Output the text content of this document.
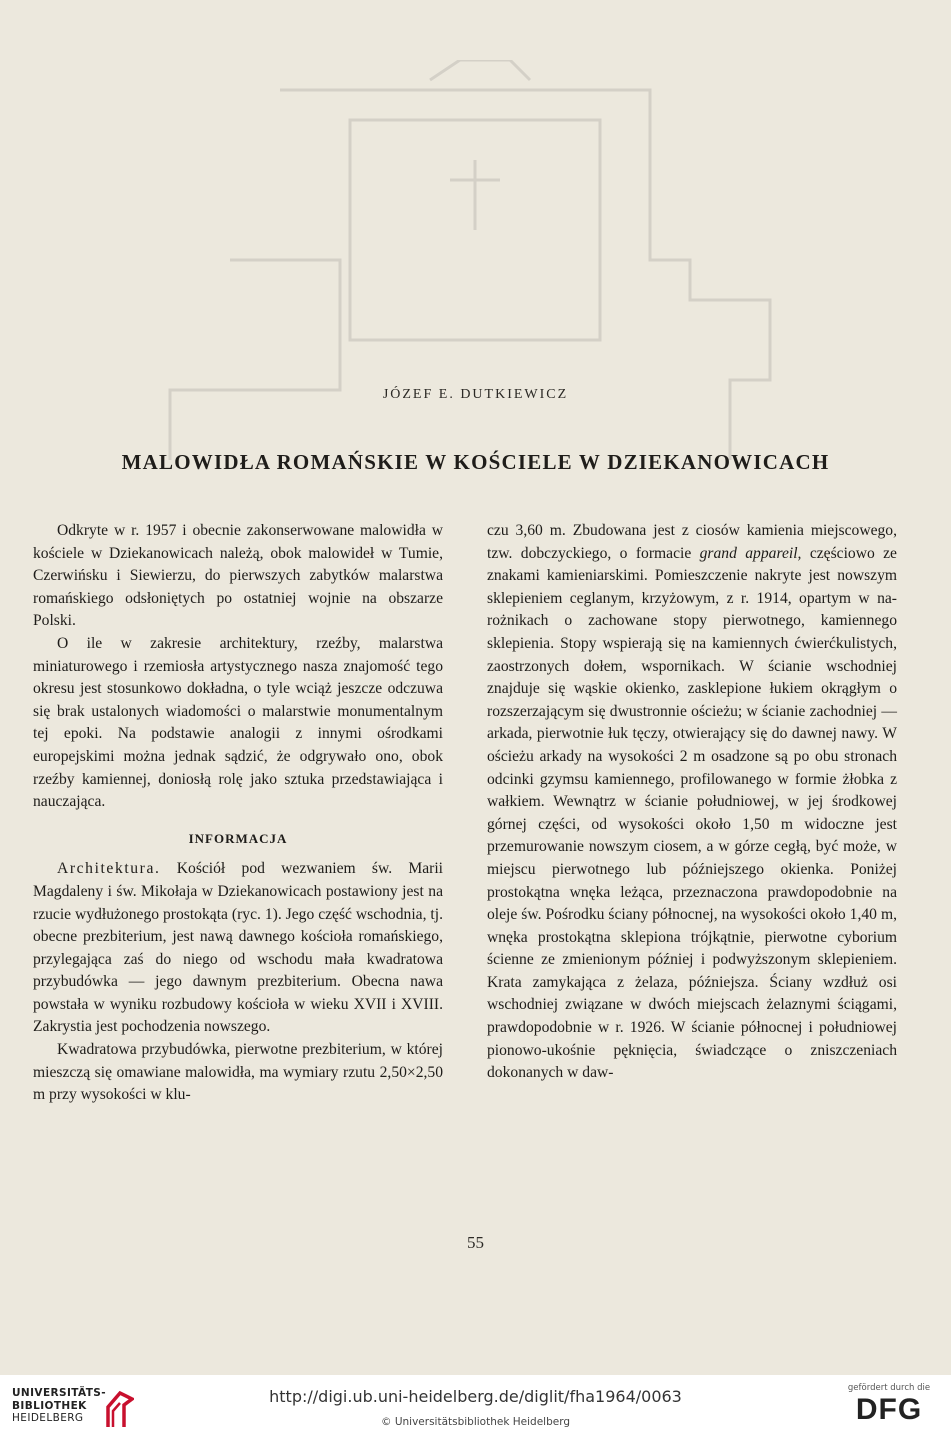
JÓZEF E. DUTKIEWICZ
MALOWIDŁA ROMAŃSKIE W KOŚCIELE W DZIEKANOWICACH

Odkryte w r. 1957 i obecnie zakonserwowane malowidła w kościele w Dziekanowicach należą, obok malowideł w Tumie, Czerwińsku i Siewierzu, do pierwszych zabytków malarstwa romańskiego odsłoniętych po ostatniej wojnie na obszarze Polski.

O ile w zakresie architektury, rzeźby, malarstwa miniaturowego i rzemiosła artystycznego nasza znajomość tego okresu jest stosunkowo dokładna, o tyle wciąż jeszcze odczuwa się brak ustalonych wiadomości o malarstwie monumentalnym tej epoki. Na podstawie analogii z innymi ośrodkami europejskimi można jednak sądzić, że odgrywało ono, obok rzeźby kamiennej, doniosłą rolę jako sztuka przedstawiająca i nauczająca.

INFORMACJA

Architektura. Kościół pod wezwaniem św. Marii Magdaleny i św. Mikołaja w Dziekanowicach postawiony jest na rzucie wydłużonego prostokąta (ryc. 1). Jego część wschodnia, tj. obecne prezbiterium, jest nawą dawnego kościoła romańskiego, przylegająca zaś do niego od wschodu mała kwadratowa przybudówka — jego dawnym prezbiterium. Obecna nawa powstała w wyniku rozbudowy kościoła w wieku XVII i XVIII. Zakrystia jest pochodzenia nowszego.

Kwadratowa przybudówka, pierwotne prezbiterium, w której mieszczą się omawiane malowidła, ma wymiary rzutu 2,50×2,50 m przy wysokości w klu-

czu 3,60 m. Zbudowana jest z ciosów kamienia miejscowego, tzw. dobczyckiego, o formacie grand appareil, częściowo ze znakami kamieniarskimi. Pomieszczenie nakryte jest nowszym sklepieniem ceglanym, krzyżowym, z r. 1914, opartym w narożnikach o zachowane stopy pierwotnego, kamiennego sklepienia. Stopy wspierają się na kamiennych ćwierćkulistych, zaostrzonych dołem, wspornikach. W ścianie wschodniej znajduje się wąskie okienko, zasklepione łukiem okrągłym o rozszerzającym się dwustronnie ościeżu; w ścianie zachodniej — arkada, pierwotnie łuk tęczy, otwierający się do dawnej nawy. W ościeżu arkady na wysokości 2 m osadzone są po obu stronach odcinki gzymsu kamiennego, profilowanego w formie żłobka z wałkiem. Wewnątrz w ścianie południowej, w jej środkowej górnej części, od wysokości około 1,50 m widoczne jest przemurowanie nowszym ciosem, a w górze cegłą, być może, w miejscu pierwotnego lub późniejszego okienka. Poniżej prostokątna wnęka leżąca, przeznaczona prawdopodobnie na oleje św. Pośrodku ściany północnej, na wysokości około 1,40 m, wnęka prostokątna sklepiona trójkątnie, pierwotne cyborium ścienne ze zmienionym później i podwyższonym sklepieniem. Krata zamykająca z żelaza, późniejsza. Ściany wzdłuż osi wschodniej związane w dwóch miejscach żelaznymi ściągami, prawdopodobnie w r. 1926. W ścianie północnej i południowej pionowo-ukośnie pęknięcia, świadczące o zniszczeniach dokonanych w daw-

55
UNIVERSITÄTS-
BIBLIOTHEK
HEIDELBERG
http://digi.ub.uni-heidelberg.de/diglit/fha1964/0063
© Universitätsbibliothek Heidelberg
gefördert durch die
DFG
